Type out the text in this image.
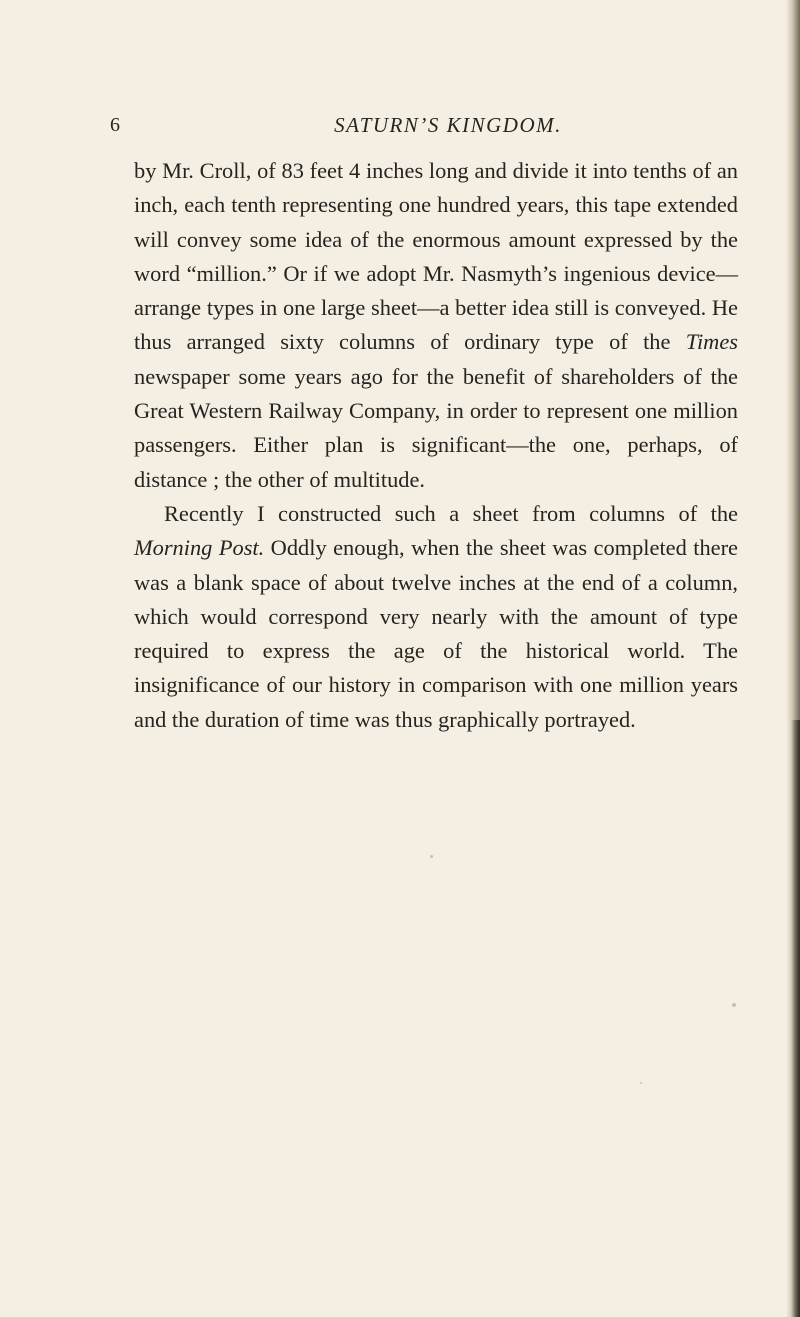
6	SATURN’S KINGDOM.

by Mr. Croll, of 83 feet 4 inches long and divide it into tenths of an inch, each tenth representing one hundred years, this tape extended will convey some idea of the enormous amount expressed by the word “million.” Or if we adopt Mr. Nasmyth’s ingenious device—arrange types in one large sheet—a better idea still is conveyed. He thus arranged sixty columns of ordinary type of the Times newspaper some years ago for the benefit of shareholders of the Great Western Railway Company, in order to represent one million passengers. Either plan is significant—the one, perhaps, of distance ; the other of multitude.

Recently I constructed such a sheet from columns of the Morning Post. Oddly enough, when the sheet was completed there was a blank space of about twelve inches at the end of a column, which would correspond very nearly with the amount of type required to express the age of the historical world. The insignificance of our history in comparison with one million years and the duration of time was thus graphically portrayed.
